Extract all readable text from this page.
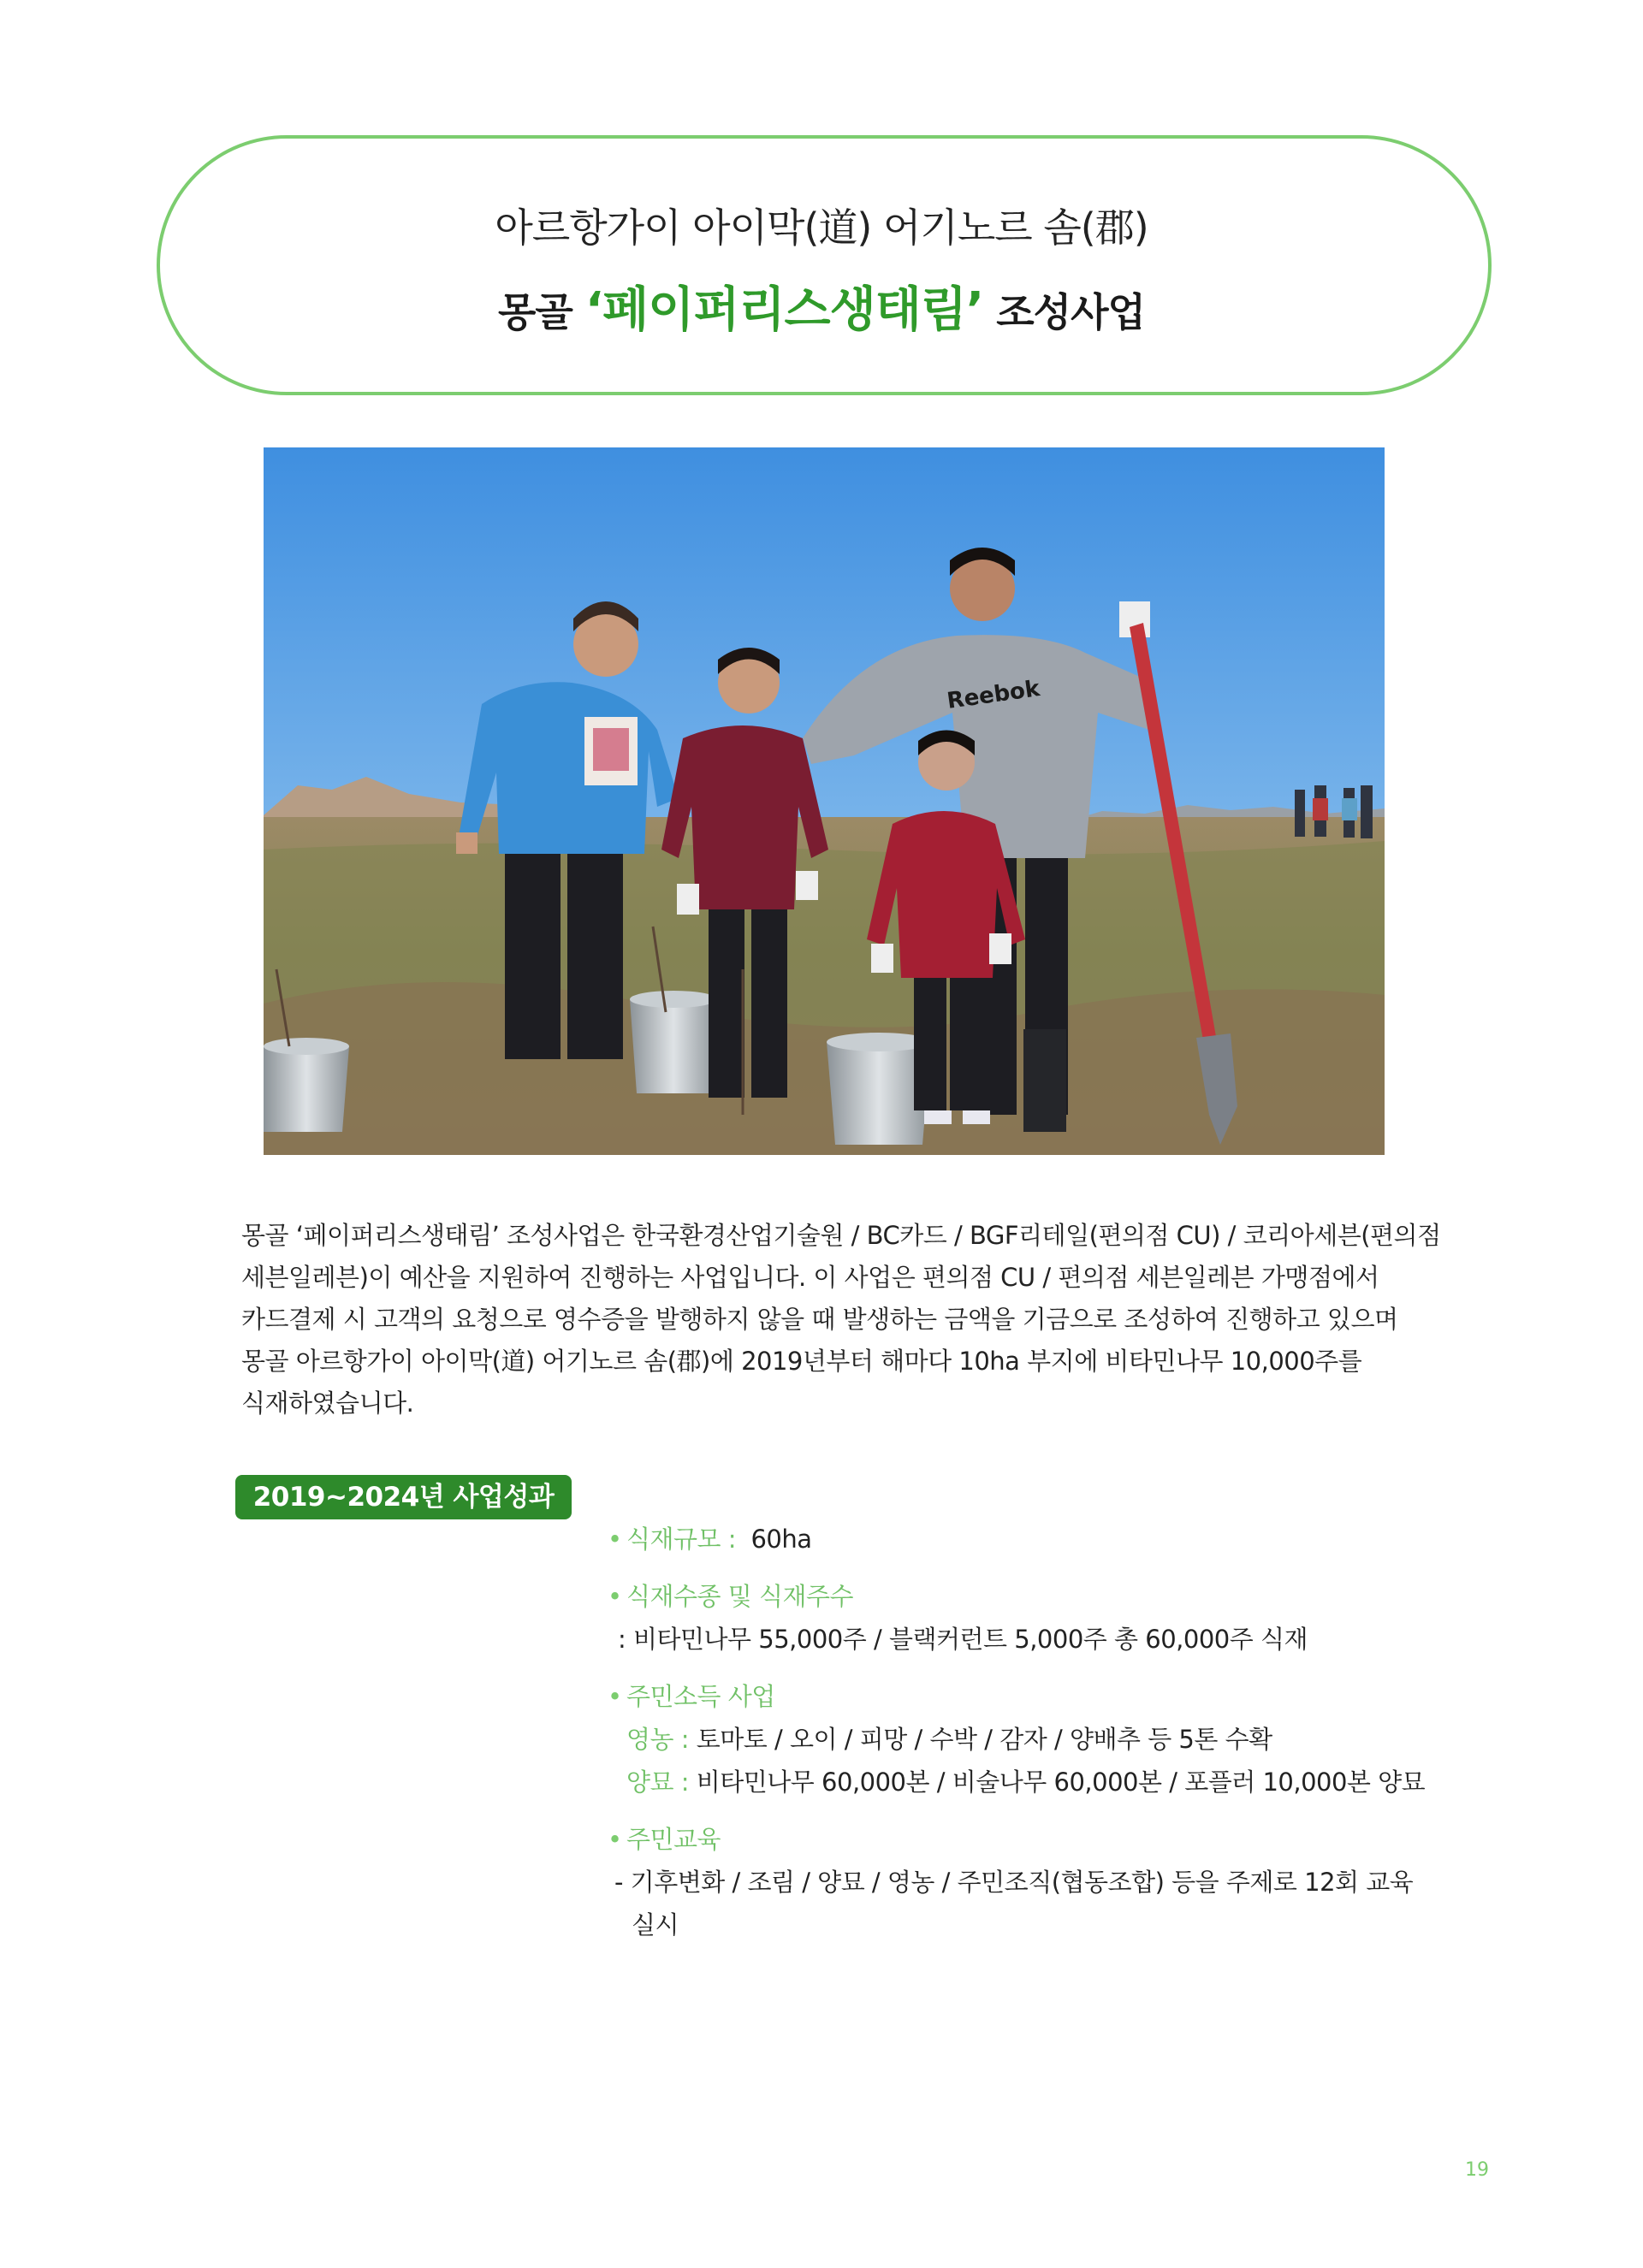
아르항가이 아이막(道) 어기노르 솜(郡)
몽골 ‘페이퍼리스생태림’ 조성사업
Reebok
몽골 ‘페이퍼리스생태림’ 조성사업은 한국환경산업기술원 / BC카드 / BGF리테일(편의점 CU) / 코리아세븐(편의점
세븐일레븐)이 예산을 지원하여 진행하는 사업입니다. 이 사업은 편의점 CU / 편의점 세븐일레븐 가맹점에서
카드결제 시 고객의 요청으로 영수증을 발행하지 않을 때 발생하는 금액을 기금으로 조성하여 진행하고 있으며
몽골 아르항가이 아이막(道) 어기노르 솜(郡)에 2019년부터 해마다 10ha 부지에 비타민나무 10,000주를
식재하였습니다.
2019~2024년 사업성과
• 식재규모 : 60ha
• 식재수종 및 식재주수
: 비타민나무 55,000주 / 블랙커런트 5,000주 총 60,000주 식재
• 주민소득 사업
영농 : 토마토 / 오이 / 피망 / 수박 / 감자 / 양배추 등 5톤 수확
양묘 : 비타민나무 60,000본 / 비술나무 60,000본 / 포플러 10,000본 양묘
• 주민교육
- 기후변화 / 조림 / 양묘 / 영농 / 주민조직(협동조합) 등을 주제로 12회 교육
실시
19
